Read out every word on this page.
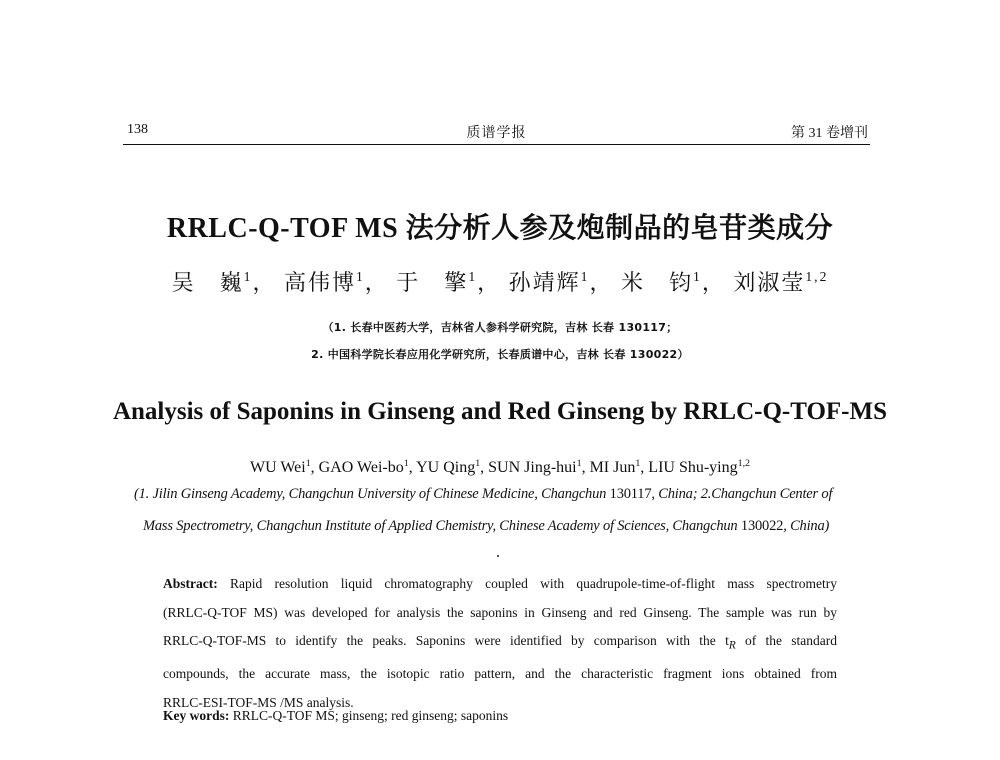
138	质谱学报	第 31 卷增刊
RRLC-Q-TOF MS 法分析人参及炮制品的皂苷类成分
吴　巍$^1$， 高伟博$^1$， 于　擎$^1$， 孙靖辉$^1$， 米　钧$^1$， 刘淑莹$^{1,2}$
（1. 长春中医药大学，吉林省人参科学研究院，吉林 长春 130117；
2. 中国科学院长春应用化学研究所，长春质谱中心，吉林 长春 130022）
Analysis of Saponins in Ginseng and Red Ginseng by RRLC-Q-TOF-MS
WU Wei$^1$, GAO Wei-$bo^1$, YU Qing$^1$, SUN Jing-hui$^1$, MI Jun$^1$, LIU Shu-ying$^{1,2}$
(1. Jilin Ginseng Academy, Changchun University of Chinese Medicine, Changchun 130117, China; 2.Changchun Center of
Mass Spectrometry, Changchun Institute of Applied Chemistry, Chinese Academy of Sciences, Changchun 130022, China)
Abstract: Rapid resolution liquid chromatography coupled with quadrupole-time-of-flight mass spectrometry
(RRLC-Q-TOF MS) was developed for analysis the saponins in Ginseng and red Ginseng. The sample was run by
RRLC-Q-TOF-MS to identify the peaks. Saponins were identified by comparison with the $t_R$ of the standard
compounds, the accurate mass, the isotopic ratio pattern, and the characteristic fragment ions obtained from
RRLC-ESI-TOF-MS /MS analysis.
Key words: RRLC-Q-TOF MS; ginseng; red ginseng; saponins
